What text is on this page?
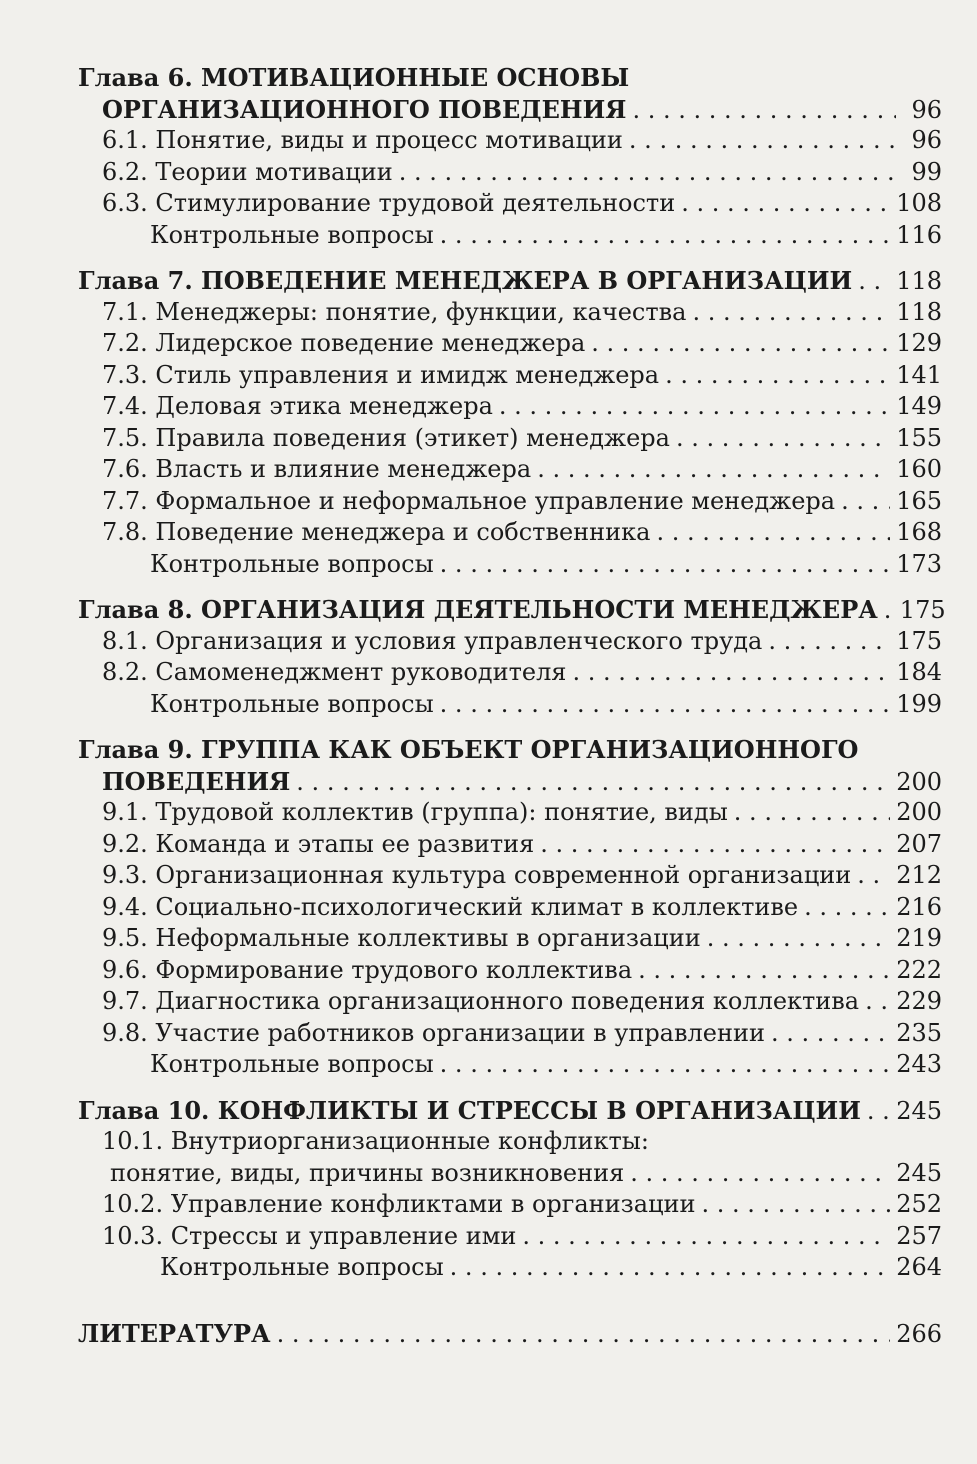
Глава 6. МОТИВАЦИОННЫЕ ОСНОВЫ
ОРГАНИЗАЦИОННОГО ПОВЕДЕНИЯ . . .	96
6.1. Понятие, виды и процесс мотивации . . .	96
6.2. Теории мотивации . . .	99
6.3. Стимулирование трудовой деятельности . . .	108
Контрольные вопросы . . .	116
Глава 7. ПОВЕДЕНИЕ МЕНЕДЖЕРА В ОРГАНИЗАЦИИ . . . 118
7.1. Менеджеры: понятие, функции, качества . . .	118
7.2. Лидерское поведение менеджера . . .	129
7.3. Стиль управления и имидж менеджера . . .	141
7.4. Деловая этика менеджера . . .	149
7.5. Правила поведения (этикет) менеджера . . .	155
7.6. Власть и влияние менеджера . . .	160
7.7. Формальное и неформальное управление менеджера . . .	165
7.8. Поведение менеджера и собственника . . .	168
Контрольные вопросы . . .	173
Глава 8. ОРГАНИЗАЦИЯ ДЕЯТЕЛЬНОСТИ МЕНЕДЖЕРА . . . 175
8.1. Организация и условия управленческого труда . . .	175
8.2. Самоменеджмент руководителя . . .	184
Контрольные вопросы . . .	199
Глава 9. ГРУППА КАК ОБЪЕКТ ОРГАНИЗАЦИОННОГО
ПОВЕДЕНИЯ . . .	200
9.1. Трудовой коллектив (группа): понятие, виды . . .	200
9.2. Команда и этапы ее развития . . .	207
9.3. Организационная культура современной организации . . . 212
9.4. Социально-психологический климат в коллективе . . .	216
9.5. Неформальные коллективы в организации . . .	219
9.6. Формирование трудового коллектива . . .	222
9.7. Диагностика организационного поведения коллектива . . . 229
9.8. Участие работников организации в управлении . . .	235
Контрольные вопросы . . .	243
Глава 10. КОНФЛИКТЫ И СТРЕССЫ В ОРГАНИЗАЦИИ . . . 245
10.1. Внутриорганизационные конфликты:
понятие, виды, причины возникновения . . .	245
10.2. Управление конфликтами в организации . . .	252
10.3. Стрессы и управление ими . . .	257
Контрольные вопросы . . .	264
ЛИТЕРАТУРА . . .	266
